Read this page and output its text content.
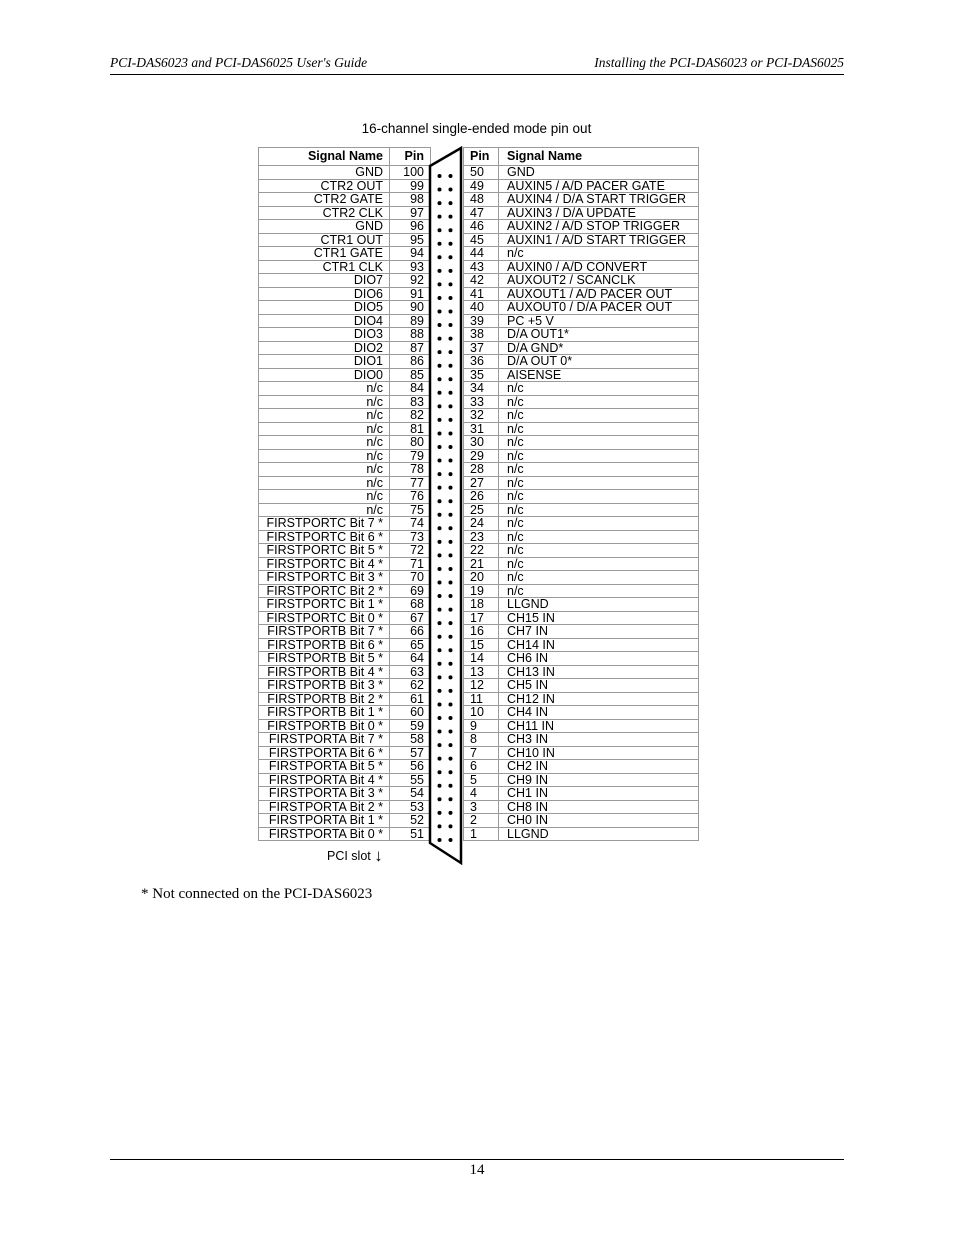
PCI-DAS6023 and PCI-DAS6025 User's Guide	Installing the PCI-DAS6023 or PCI-DAS6025
16-channel single-ended mode pin out
Signal Name	Pin
GND	100
CTR2 OUT	99
CTR2 GATE	98
CTR2 CLK	97
GND	96
CTR1 OUT	95
CTR1 GATE	94
CTR1 CLK	93
DIO7	92
DIO6	91
DIO5	90
DIO4	89
DIO3	88
DIO2	87
DIO1	86
DIO0	85
n/c	84
n/c	83
n/c	82
n/c	81
n/c	80
n/c	79
n/c	78
n/c	77
n/c	76
n/c	75
FIRSTPORTC Bit 7 *	74
FIRSTPORTC Bit 6 *	73
FIRSTPORTC Bit 5 *	72
FIRSTPORTC Bit 4 *	71
FIRSTPORTC Bit 3 *	70
FIRSTPORTC Bit 2 *	69
FIRSTPORTC Bit 1 *	68
FIRSTPORTC Bit 0 *	67
FIRSTPORTB Bit 7 *	66
FIRSTPORTB Bit 6 *	65
FIRSTPORTB Bit 5 *	64
FIRSTPORTB Bit 4 *	63
FIRSTPORTB Bit 3 *	62
FIRSTPORTB Bit 2 *	61
FIRSTPORTB Bit 1 *	60
FIRSTPORTB Bit 0 *	59
FIRSTPORTA Bit 7 *	58
FIRSTPORTA Bit 6 *	57
FIRSTPORTA Bit 5 *	56
FIRSTPORTA Bit 4 *	55
FIRSTPORTA Bit 3 *	54
FIRSTPORTA Bit 2 *	53
FIRSTPORTA Bit 1 *	52
FIRSTPORTA Bit 0 *	51
Pin	Signal Name
50	GND
49	AUXIN5 / A/D PACER GATE
48	AUXIN4 / D/A START TRIGGER
47	AUXIN3 / D/A UPDATE
46	AUXIN2 / A/D STOP TRIGGER
45	AUXIN1 / A/D START TRIGGER
44	n/c
43	AUXIN0 / A/D CONVERT
42	AUXOUT2 / SCANCLK
41	AUXOUT1 / A/D PACER OUT
40	AUXOUT0 / D/A PACER OUT
39	PC +5 V
38	D/A OUT1*
37	D/A GND*
36	D/A OUT 0*
35	AISENSE
34	n/c
33	n/c
32	n/c
31	n/c
30	n/c
29	n/c
28	n/c
27	n/c
26	n/c
25	n/c
24	n/c
23	n/c
22	n/c
21	n/c
20	n/c
19	n/c
18	LLGND
17	CH15 IN
16	CH7 IN
15	CH14 IN
14	CH6 IN
13	CH13 IN
12	CH5 IN
11	CH12 IN
10	CH4 IN
9	CH11 IN
8	CH3 IN
7	CH10 IN
6	CH2 IN
5	CH9 IN
4	CH1 IN
3	CH8 IN
2	CH0 IN
1	LLGND
PCI slot ↓
* Not connected on the PCI-DAS6023
14
